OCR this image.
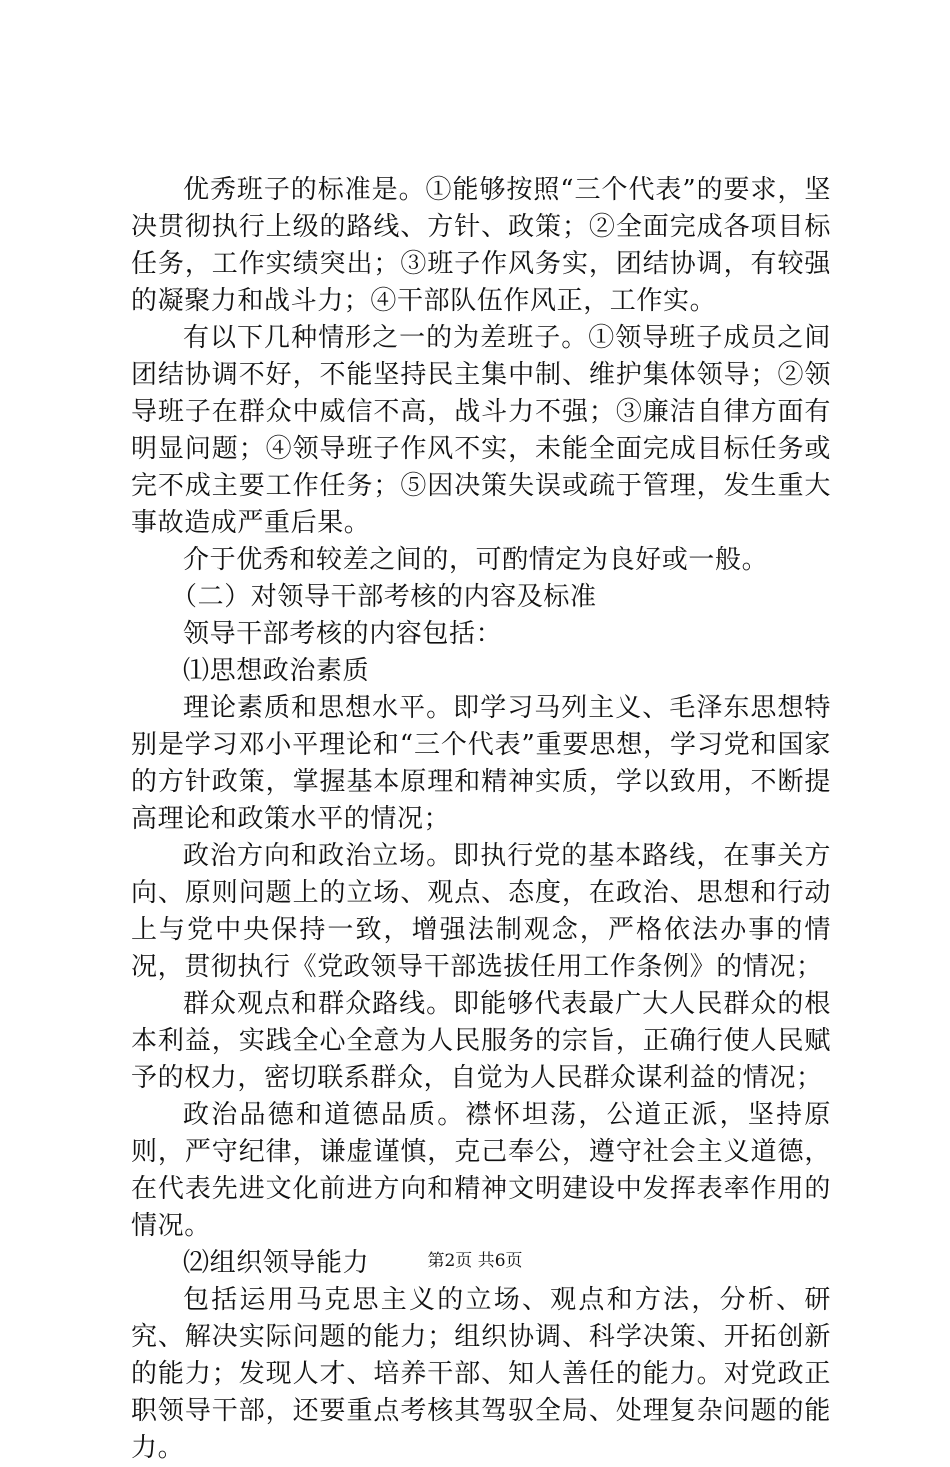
优秀班子的标准是。①能够按照“三个代表”的要求，坚决贯彻执行上级的路线、方针、政策；②全面完成各项目标任务，工作实绩突出；③班子作风务实，团结协调，有较强的凝聚力和战斗力；④干部队伍作风正，工作实。

有以下几种情形之一的为差班子。①领导班子成员之间团结协调不好，不能坚持民主集中制、维护集体领导；②领导班子在群众中威信不高，战斗力不强；③廉洁自律方面有明显问题；④领导班子作风不实，未能全面完成目标任务或完不成主要工作任务；⑤因决策失误或疏于管理，发生重大事故造成严重后果。

介于优秀和较差之间的，可酌情定为良好或一般。

（二）对领导干部考核的内容及标准

领导干部考核的内容包括：

⑴思想政治素质

理论素质和思想水平。即学习马列主义、毛泽东思想特别是学习邓小平理论和“三个代表”重要思想，学习党和国家的方针政策，掌握基本原理和精神实质，学以致用，不断提高理论和政策水平的情况；

政治方向和政治立场。即执行党的基本路线，在事关方向、原则问题上的立场、观点、态度，在政治、思想和行动上与党中央保持一致，增强法制观念，严格依法办事的情况，贯彻执行《党政领导干部选拔任用工作条例》的情况；

群众观点和群众路线。即能够代表最广大人民群众的根本利益，实践全心全意为人民服务的宗旨，正确行使人民赋予的权力，密切联系群众，自觉为人民群众谋利益的情况；

政治品德和道德品质。襟怀坦荡，公道正派，坚持原则，严守纪律，谦虚谨慎，克己奉公，遵守社会主义道德，在代表先进文化前进方向和精神文明建设中发挥表率作用的情况。

⑵组织领导能力

包括运用马克思主义的立场、观点和方法，分析、研究、解决实际问题的能力；组织协调、科学决策、开拓创新的能力；发现人才、培养干部、知人善任的能力。对党政正职领导干部，还要重点考核其驾驭全局、处理复杂问题的能力。

第2页 共6页
